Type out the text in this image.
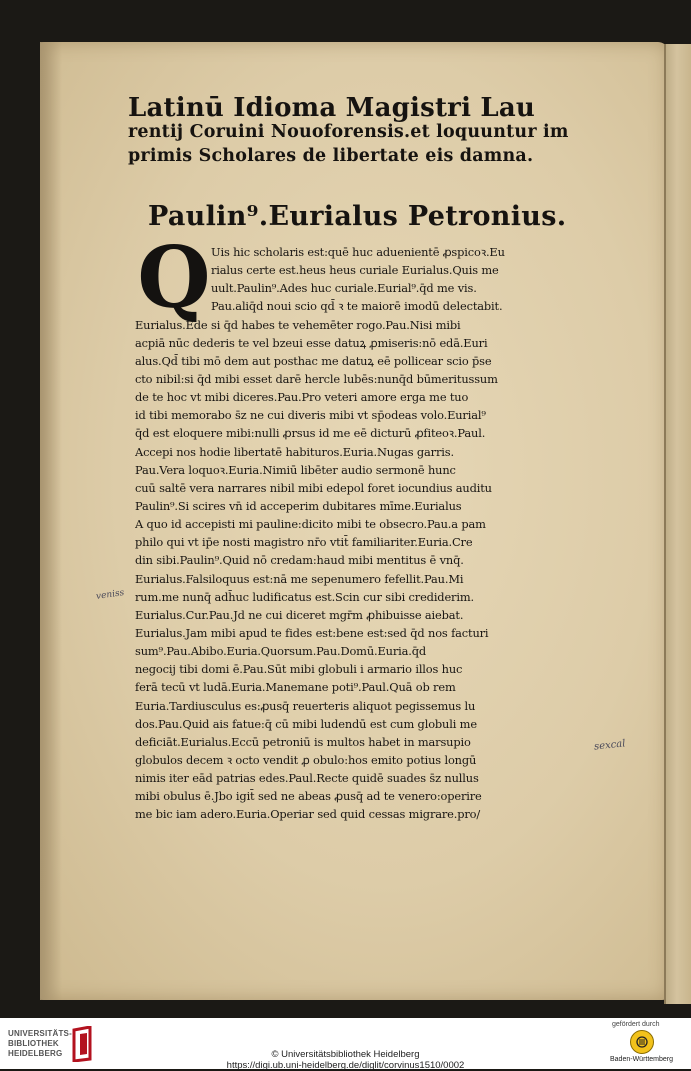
Latinū Idioma Magistri Lau
rentij Coruini Nouoforensis.et loquuntur im
primis Scholares de libertate eis damna.
Paulin⁹.Eurialus Petronius.
Q Uis hic scholaris est:quē huc aduenientē ꝓspicoꝛ.Eu
rialus certe est.heus heus curiale Eurialus.Quis me
uult.Paulin⁹.Ades huc curiale.Eurial⁹.q̄d me vis.
Pau.aliq̄d noui scio qd̄ ꝛ te maiorē imodū delectabit.
Eurialus.Ede si q̄d habes te vehemēter rogo.Pau.Nisi mibi
acpiā nūc dederis te vel bzeui esse datuꝝ ꝓmiseris:nō edā.Euri
alus.Qd̄ tibi mō dem aut posthac me datuꝝ eē pollicear scio p̄se
cto nibil:si q̄d mibi esset darē hercle lubēs:nunq̄d būmeritussum
de te hoc vt mibi diceres.Pau.Pro veteri amore erga me tuo
id tibi memorabo s̄z ne cui diveris mibi vt sp̄odeas volo.Eurial⁹
q̄d est eloquere mibi:nulli ꝓrsus id me eē dicturū ꝓfiteoꝛ.Paul.
Accepi nos hodie libertatē habituros.Euria.Nugas garris.
Pau.Vera loquoꝛ.Euria.Nimiū libēter audio sermonē hunc
cuū saltē vera narrares nibil mibi edepol foret iocundius auditu
Paulin⁹.Si scires vn̄ id acceperim dubitares mīme.Eurialus
A quo id accepisti mi pauline:dicito mibi te obsecro.Pau.a pam
philo qui vt ip̄e nosti magistro nr̄o vtit̄ familiariter.Euria.Cre
din sibi.Paulin⁹.Quid nō credam:haud mibi mentitus ē vnq̄.
Eurialus.Falsiloquus est:nā me sepenumero fefellit.Pau.Mi
rum.me nunq̄ adh̄uc ludificatus est.Scin cur sibi crediderim.
Eurialus.Cur.Pau.Jd ne cui diceret mgr̄m ꝓhibuisse aiebat.
Eurialus.Jam mibi apud te fides est:bene est:sed q̄d nos facturi
sum⁹.Pau.Abibo.Euria.Quorsum.Pau.Domū.Euria.q̄d
negocij tibi domi ē.Pau.Sūt mibi globuli i armario illos huc
ferā tecū vt ludā.Euria.Manemane poti⁹.Paul.Quā ob rem
Euria.Tardiusculus es:ꝓusq̄ reuerteris aliquot pegissemus lu
dos.Pau.Quid ais fatue:q̄ cū mibi ludendū est cum globuli me
deficiāt.Eurialus.Eccū petroniū is multos habet in marsupio
globulos decem ꝛ octo vendit ꝓ obulo:hos emito potius longū
nimis iter eād patrias edes.Paul.Recte quidē suades s̄z nullus
mibi obulus ē.Jbo igit̄ sed ne abeas ꝓusq̄ ad te venero:operire
me bic iam adero.Euria.Operiar sed quid cessas migrare.pro/
veniss
sexcal
UNIVERSITÄTS-
BIBLIOTHEK
HEIDELBERG	© Universitätsbibliothek Heidelberg
https://digi.ub.uni-heidelberg.de/diglit/corvinus1510/0002
gefördert durch
Baden-Württemberg
